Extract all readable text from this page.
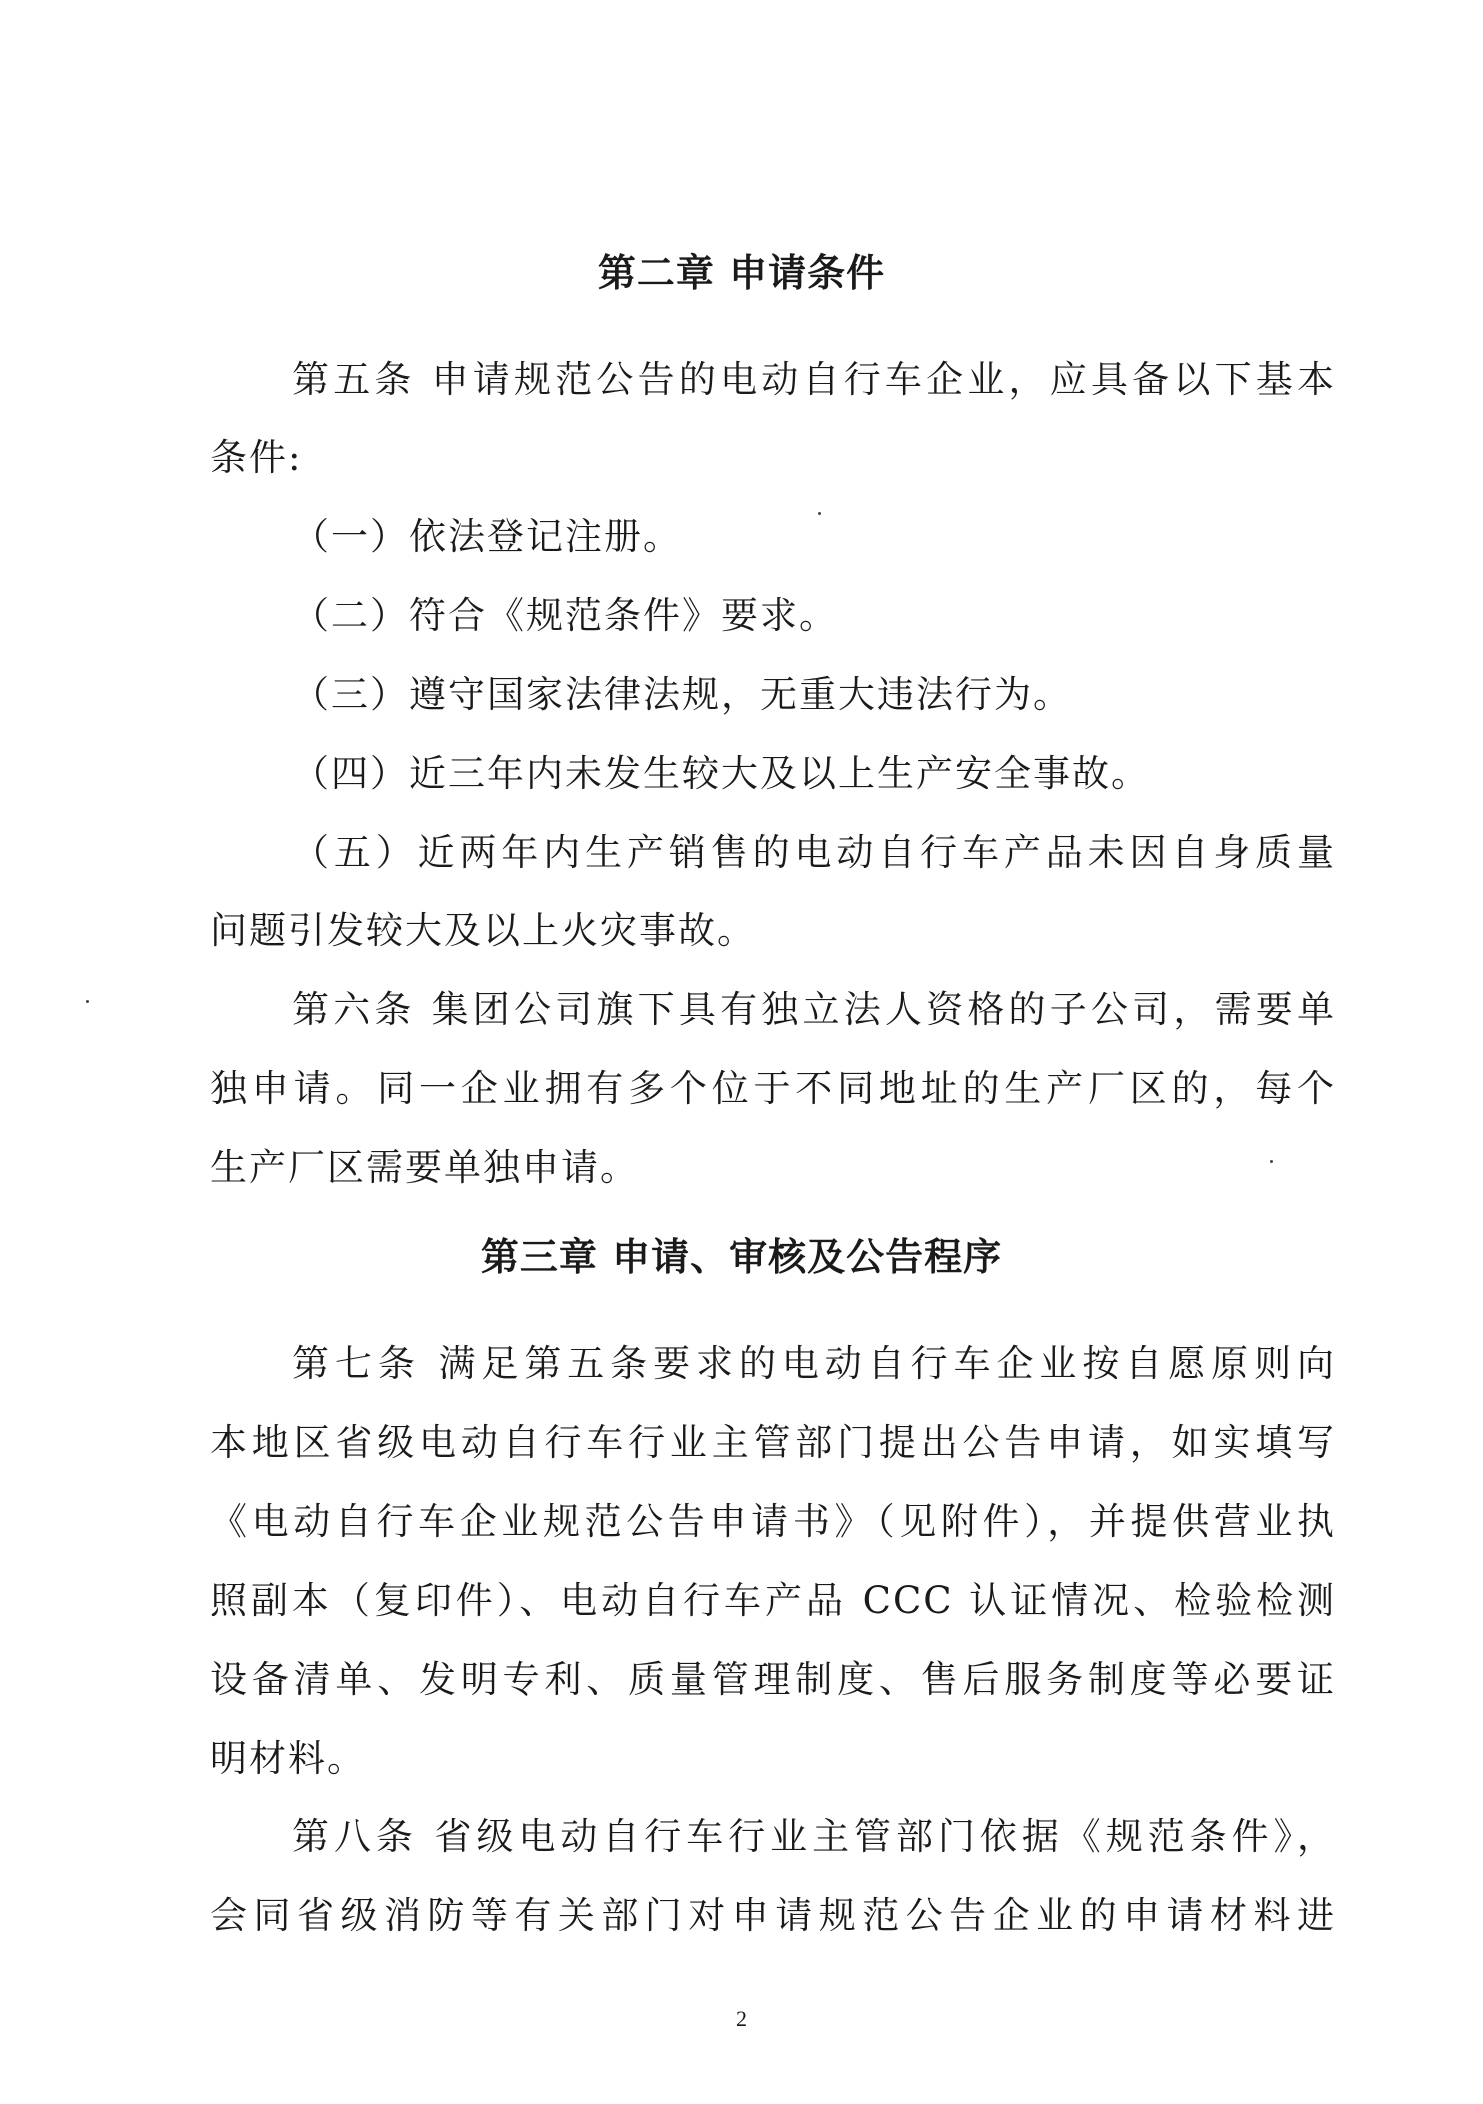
第二章 申请条件
第五条 申请规范公告的电动自行车企业，应具备以下基本
条件:
（一）依法登记注册。
（二）符合《规范条件》要求。
（三）遵守国家法律法规，无重大违法行为。
（四）近三年内未发生较大及以上生产安全事故。
（五）近两年内生产销售的电动自行车产品未因自身质量
问题引发较大及以上火灾事故。
第六条 集团公司旗下具有独立法人资格的子公司，需要单
独申请。同一企业拥有多个位于不同地址的生产厂区的，每个
生产厂区需要单独申请。
第三章 申请、审核及公告程序
第七条 满足第五条要求的电动自行车企业按自愿原则向
本地区省级电动自行车行业主管部门提出公告申请，如实填写
《电动自行车企业规范公告申请书》（见附件），并提供营业执
照副本（复印件）、电动自行车产品 CCC 认证情况、检验检测
设备清单、发明专利、质量管理制度、售后服务制度等必要证
明材料。
第八条 省级电动自行车行业主管部门依据《规范条件》，
会同省级消防等有关部门对申请规范公告企业的申请材料进
2
